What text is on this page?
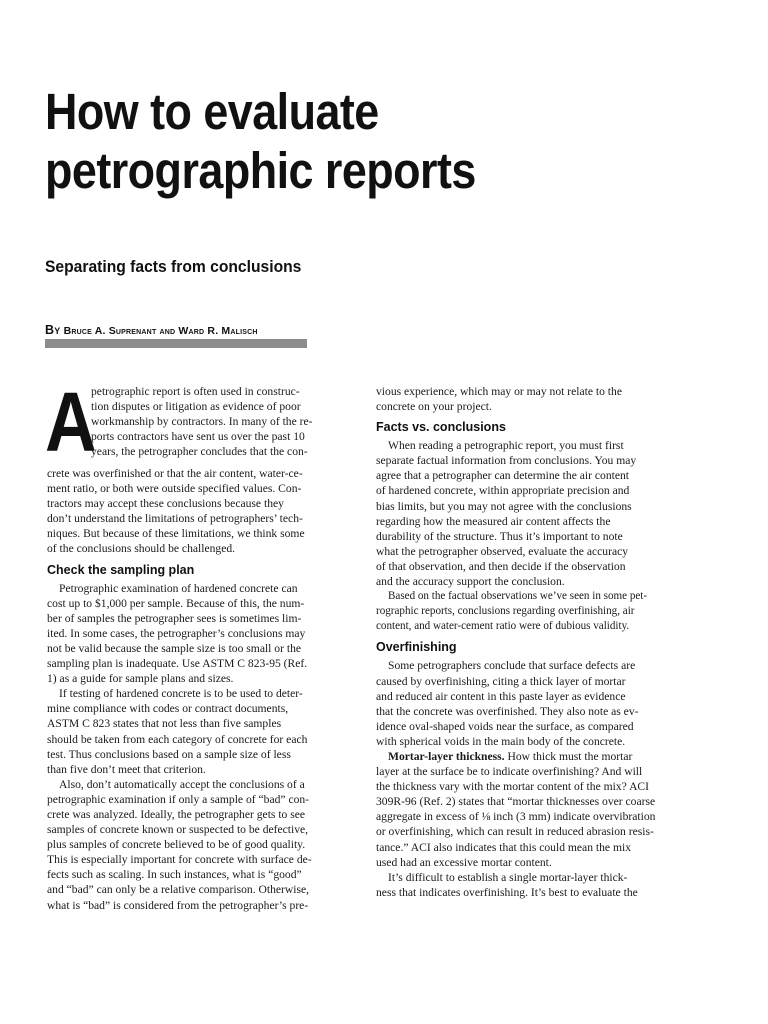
How to evaluate
petrographic reports
Separating facts from conclusions
By Bruce A. Suprenant and Ward R. Malisch
A
petrographic report is often used in construc-
tion disputes or litigation as evidence of poor
workmanship by contractors. In many of the re-
ports contractors have sent us over the past 10
years, the petrographer concludes that the con-
crete was overfinished or that the air content, water-ce-
ment ratio, or both were outside specified values. Con-
tractors may accept these conclusions because they
don’t understand the limitations of petrographers’ tech-
niques. But because of these limitations, we think some
of the conclusions should be challenged.
Check the sampling plan
Petrographic examination of hardened concrete can
cost up to $1,000 per sample. Because of this, the num-
ber of samples the petrographer sees is sometimes lim-
ited. In some cases, the petrographer’s conclusions may
not be valid because the sample size is too small or the
sampling plan is inadequate. Use ASTM C 823-95 (Ref.
1) as a guide for sample plans and sizes.
If testing of hardened concrete is to be used to deter-
mine compliance with codes or contract documents,
ASTM C 823 states that not less than five samples
should be taken from each category of concrete for each
test. Thus conclusions based on a sample size of less
than five don’t meet that criterion.
Also, don’t automatically accept the conclusions of a
petrographic examination if only a sample of “bad” con-
crete was analyzed. Ideally, the petrographer gets to see
samples of concrete known or suspected to be defective,
plus samples of concrete believed to be of good quality.
This is especially important for concrete with surface de-
fects such as scaling. In such instances, what is “good”
and “bad” can only be a relative comparison. Otherwise,
what is “bad” is considered from the petrographer’s pre-
vious experience, which may or may not relate to the
concrete on your project.
Facts vs. conclusions
When reading a petrographic report, you must first
separate factual information from conclusions. You may
agree that a petrographer can determine the air content
of hardened concrete, within appropriate precision and
bias limits, but you may not agree with the conclusions
regarding how the measured air content affects the
durability of the structure. Thus it’s important to note
what the petrographer observed, evaluate the accuracy
of that observation, and then decide if the observation
and the accuracy support the conclusion.
Based on the factual observations we’ve seen in some pet-
rographic reports, conclusions regarding overfinishing, air
content, and water-cement ratio were of dubious validity.
Overfinishing
Some petrographers conclude that surface defects are
caused by overfinishing, citing a thick layer of mortar
and reduced air content in this paste layer as evidence
that the concrete was overfinished. They also note as ev-
idence oval-shaped voids near the surface, as compared
with spherical voids in the main body of the concrete.
Mortar-layer thickness. How thick must the mortar
layer at the surface be to indicate overfinishing? And will
the thickness vary with the mortar content of the mix? ACI
309R-96 (Ref. 2) states that “mortar thicknesses over coarse
aggregate in excess of ⅛ inch (3 mm) indicate overvibration
or overfinishing, which can result in reduced abrasion resis-
tance.” ACI also indicates that this could mean the mix
used had an excessive mortar content.
It’s difficult to establish a single mortar-layer thick-
ness that indicates overfinishing. It’s best to evaluate the
